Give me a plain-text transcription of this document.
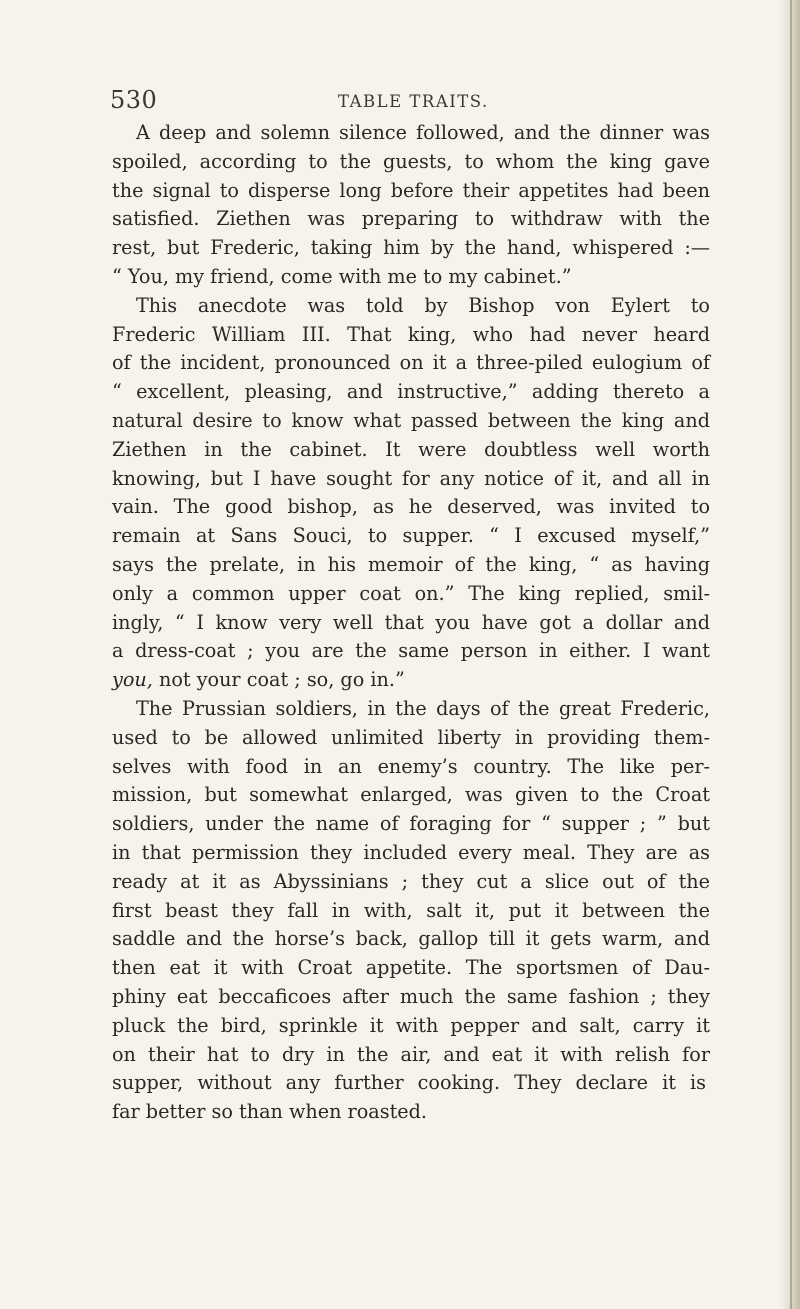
530	TABLE TRAITS.
A deep and solemn silence followed, and the dinner was
spoiled, according to the guests, to whom the king gave
the signal to disperse long before their appetites had been
satisfied. Ziethen was preparing to withdraw with the
rest, but Frederic, taking him by the hand, whispered :—
“ You, my friend, come with me to my cabinet.”
This anecdote was told by Bishop von Eylert to
Frederic William III. That king, who had never heard
of the incident, pronounced on it a three-piled eulogium of
“ excellent, pleasing, and instructive,” adding thereto a
natural desire to know what passed between the king and
Ziethen in the cabinet. It were doubtless well worth
knowing, but I have sought for any notice of it, and all in
vain. The good bishop, as he deserved, was invited to
remain at Sans Souci, to supper. “ I excused myself,”
says the prelate, in his memoir of the king, “ as having
only a common upper coat on.” The king replied, smil-
ingly, “ I know very well that you have got a dollar and
a dress-coat ; you are the same person in either. I want
you, not your coat ; so, go in.”
The Prussian soldiers, in the days of the great Frederic,
used to be allowed unlimited liberty in providing them-
selves with food in an enemy’s country. The like per-
mission, but somewhat enlarged, was given to the Croat
soldiers, under the name of foraging for “ supper ; ” but
in that permission they included every meal. They are as
ready at it as Abyssinians ; they cut a slice out of the
first beast they fall in with, salt it, put it between the
saddle and the horse’s back, gallop till it gets warm, and
then eat it with Croat appetite. The sportsmen of Dau-
phiny eat beccaficoes after much the same fashion ; they
pluck the bird, sprinkle it with pepper and salt, carry it
on their hat to dry in the air, and eat it with relish for
supper, without any further cooking. They declare it is
far better so than when roasted.
